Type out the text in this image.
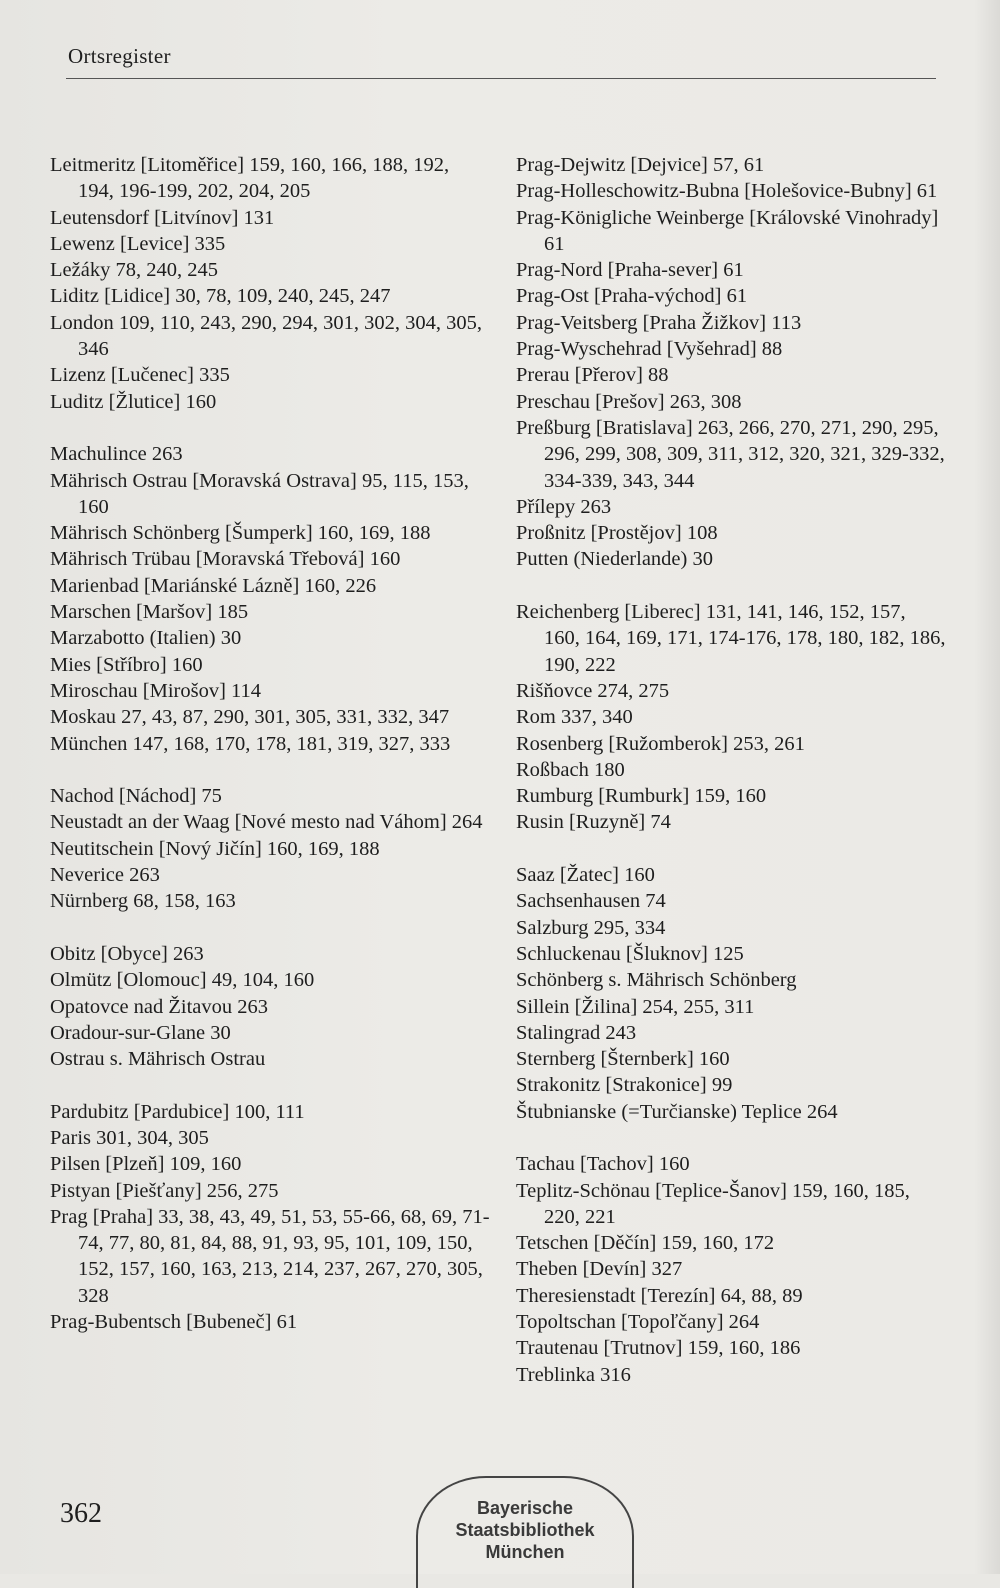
Ortsregister
Leitmeritz [Litoměřice] 159, 160, 166, 188, 192, 194, 196-199, 202, 204, 205
Leutensdorf [Litvínov] 131
Lewenz [Levice] 335
Ležáky 78, 240, 245
Liditz [Lidice] 30, 78, 109, 240, 245, 247
London 109, 110, 243, 290, 294, 301, 302, 304, 305, 346
Lizenz [Lučenec] 335
Luditz [Žlutice] 160
Machulince 263
Mährisch Ostrau [Moravská Ostrava] 95, 115, 153, 160
Mährisch Schönberg [Šumperk] 160, 169, 188
Mährisch Trübau [Moravská Třebová] 160
Marienbad [Mariánské Lázně] 160, 226
Marschen [Maršov] 185
Marzabotto (Italien) 30
Mies [Stříbro] 160
Miroschau [Mirošov] 114
Moskau 27, 43, 87, 290, 301, 305, 331, 332, 347
München 147, 168, 170, 178, 181, 319, 327, 333
Nachod [Náchod] 75
Neustadt an der Waag [Nové mesto nad Váhom] 264
Neutitschein [Nový Jičín] 160, 169, 188
Neverice 263
Nürnberg 68, 158, 163
Obitz [Obyce] 263
Olmütz [Olomouc] 49, 104, 160
Opatovce nad Žitavou 263
Oradour-sur-Glane 30
Ostrau s. Mährisch Ostrau
Pardubitz [Pardubice] 100, 111
Paris 301, 304, 305
Pilsen [Plzeň] 109, 160
Pistyan [Piešťany] 256, 275
Prag [Praha] 33, 38, 43, 49, 51, 53, 55-66, 68, 69, 71-74, 77, 80, 81, 84, 88, 91, 93, 95, 101, 109, 150, 152, 157, 160, 163, 213, 214, 237, 267, 270, 305, 328
Prag-Bubentsch [Bubeneč] 61
Prag-Dejwitz [Dejvice] 57, 61
Prag-Holleschowitz-Bubna [Holešovice-Bubny] 61
Prag-Königliche Weinberge [Královské Vinohrady] 61
Prag-Nord [Praha-sever] 61
Prag-Ost [Praha-východ] 61
Prag-Veitsberg [Praha Žižkov] 113
Prag-Wyschehrad [Vyšehrad] 88
Prerau [Přerov] 88
Preschau [Prešov] 263, 308
Preßburg [Bratislava] 263, 266, 270, 271, 290, 295, 296, 299, 308, 309, 311, 312, 320, 321, 329-332, 334-339, 343, 344
Přílepy 263
Proßnitz [Prostějov] 108
Putten (Niederlande) 30
Reichenberg [Liberec] 131, 141, 146, 152, 157, 160, 164, 169, 171, 174-176, 178, 180, 182, 186, 190, 222
Rišňovce 274, 275
Rom 337, 340
Rosenberg [Ružomberok] 253, 261
Roßbach 180
Rumburg [Rumburk] 159, 160
Rusin [Ruzyně] 74
Saaz [Žatec] 160
Sachsenhausen 74
Salzburg 295, 334
Schluckenau [Šluknov] 125
Schönberg s. Mährisch Schönberg
Sillein [Žilina] 254, 255, 311
Stalingrad 243
Sternberg [Šternberk] 160
Strakonitz [Strakonice] 99
Štubnianske (=Turčianske) Teplice 264
Tachau [Tachov] 160
Teplitz-Schönau [Teplice-Šanov] 159, 160, 185, 220, 221
Tetschen [Děčín] 159, 160, 172
Theben [Devín] 327
Theresienstadt [Terezín] 64, 88, 89
Topoltschan [Topoľčany] 264
Trautenau [Trutnov] 159, 160, 186
Treblinka 316
362	Bayerische
Staatsbibliothek
München
